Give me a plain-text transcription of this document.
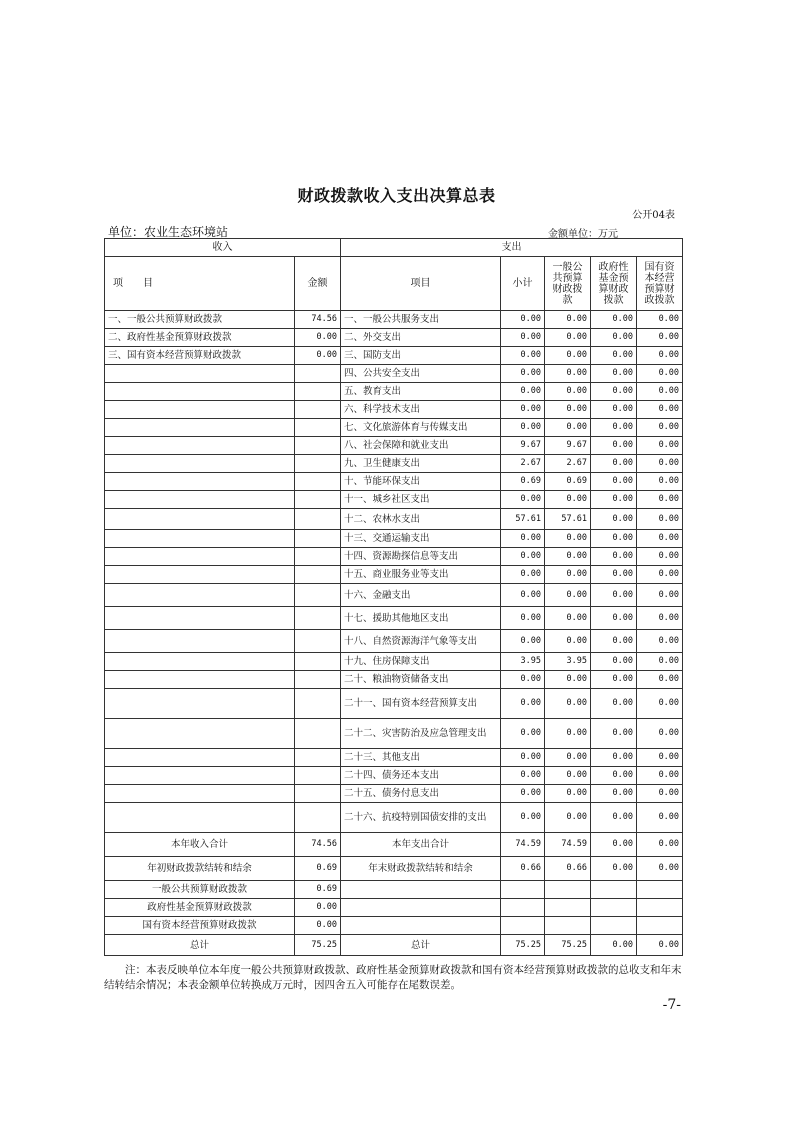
财政拨款收入支出决算总表
公开04表
单位：农业生态环境站	金额单位：万元
收入		支出				
项　　目	金额	项目	小计	一般公共预算财政拨款	政府性基金预算财政拨款	国有资本经营预算财政拨款
一、一般公共预算财政拨款	74.56	一、一般公共服务支出	0.00	0.00	0.00	0.00
二、政府性基金预算财政拨款	0.00	二、外交支出	0.00	0.00	0.00	0.00
三、国有资本经营预算财政拨款	0.00	三、国防支出	0.00	0.00	0.00	0.00
		四、公共安全支出	0.00	0.00	0.00	0.00
		五、教育支出	0.00	0.00	0.00	0.00
		六、科学技术支出	0.00	0.00	0.00	0.00
		七、文化旅游体育与传媒支出	0.00	0.00	0.00	0.00
		八、社会保障和就业支出	9.67	9.67	0.00	0.00
		九、卫生健康支出	2.67	2.67	0.00	0.00
		十、节能环保支出	0.69	0.69	0.00	0.00
		十一、城乡社区支出	0.00	0.00	0.00	0.00
		十二、农林水支出	57.61	57.61	0.00	0.00
		十三、交通运输支出	0.00	0.00	0.00	0.00
		十四、资源勘探信息等支出	0.00	0.00	0.00	0.00
		十五、商业服务业等支出	0.00	0.00	0.00	0.00
		十六、金融支出	0.00	0.00	0.00	0.00
		十七、援助其他地区支出	0.00	0.00	0.00	0.00
		十八、自然资源海洋气象等支出	0.00	0.00	0.00	0.00
		十九、住房保障支出	3.95	3.95	0.00	0.00
		二十、粮油物资储备支出	0.00	0.00	0.00	0.00
		二十一、国有资本经营预算支出	0.00	0.00	0.00	0.00
		二十二、灾害防治及应急管理支出	0.00	0.00	0.00	0.00
		二十三、其他支出	0.00	0.00	0.00	0.00
		二十四、债务还本支出	0.00	0.00	0.00	0.00
		二十五、债务付息支出	0.00	0.00	0.00	0.00
		二十六、抗疫特别国债安排的支出	0.00	0.00	0.00	0.00
本年收入合计	74.56	本年支出合计	74.59	74.59	0.00	0.00
年初财政拨款结转和结余	0.69	年末财政拨款结转和结余	0.66	0.66	0.00	0.00
一般公共预算财政拨款	0.69					
政府性基金预算财政拨款	0.00					
国有资本经营预算财政拨款	0.00					
总计	75.25	总计	75.25	75.25	0.00	0.00
注：本表反映单位本年度一般公共预算财政拨款、政府性基金预算财政拨款和国有资本经营预算财政拨款的总收支和年末结转结余情况；本表金额单位转换成万元时，因四舍五入可能存在尾数误差。
-7-
